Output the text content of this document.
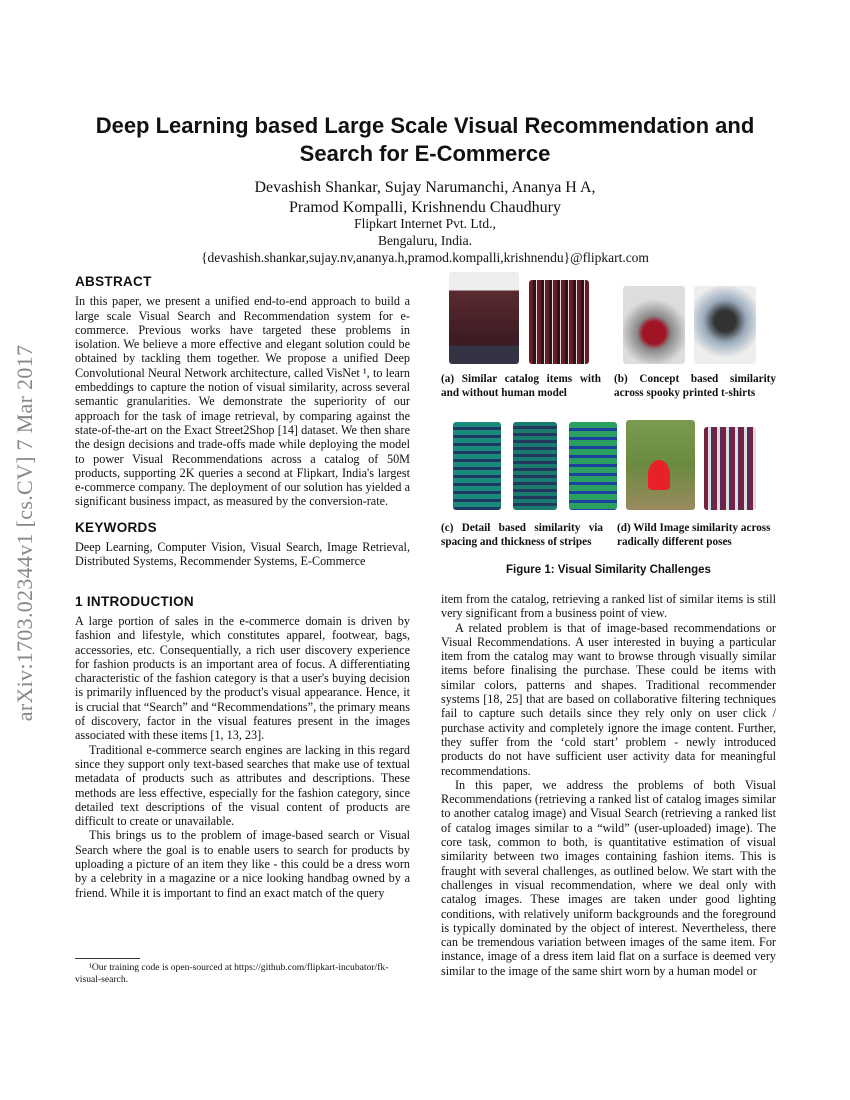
arXiv:1703.02344v1 [cs.CV] 7 Mar 2017
Deep Learning based Large Scale Visual Recommendation and Search for E-Commerce
Devashish Shankar, Sujay Narumanchi, Ananya H A,
Pramod Kompalli, Krishnendu Chaudhury
Flipkart Internet Pvt. Ltd.,
Bengaluru, India.
{devashish.shankar,sujay.nv,ananya.h,pramod.kompalli,krishnendu}@flipkart.com
ABSTRACT

In this paper, we present a unified end-to-end approach to build a large scale Visual Search and Recommendation system for e-commerce. Previous works have targeted these problems in isolation. We believe a more effective and elegant solution could be obtained by tackling them together. We propose a unified Deep Convolutional Neural Network architecture, called VisNet ¹, to learn embeddings to capture the notion of visual similarity, across several semantic granularities. We demonstrate the superiority of our approach for the task of image retrieval, by comparing against the state-of-the-art on the Exact Street2Shop [14] dataset. We then share the design decisions and trade-offs made while deploying the model to power Visual Recommendations across a catalog of 50M products, supporting 2K queries a second at Flipkart, India's largest e-commerce company. The deployment of our solution has yielded a significant business impact, as measured by the conversion-rate.

KEYWORDS

Deep Learning, Computer Vision, Visual Search, Image Retrieval, Distributed Systems, Recommender Systems, E-Commerce

1 INTRODUCTION

A large portion of sales in the e-commerce domain is driven by fashion and lifestyle, which constitutes apparel, footwear, bags, accessories, etc. Consequentially, a rich user discovery experience for fashion products is an important area of focus. A differentiating characteristic of the fashion category is that a user's buying decision is primarily influenced by the product's visual appearance. Hence, it is crucial that “Search” and “Recommendations”, the primary means of discovery, factor in the visual features present in the images associated with these items [1, 13, 23].

Traditional e-commerce search engines are lacking in this regard since they support only text-based searches that make use of textual metadata of products such as attributes and descriptions. These methods are less effective, especially for the fashion category, since detailed text descriptions of the visual content of products are difficult to create or unavailable.

This brings us to the problem of image-based search or Visual Search where the goal is to enable users to search for products by uploading a picture of an item they like - this could be a dress worn by a celebrity in a magazine or a nice looking handbag owned by a friend. While it is important to find an exact match of the query

(a) Similar catalog items with and without human model
(b) Concept based similarity across spooky printed t-shirts
(c) Detail based similarity via spacing and thickness of stripes
(d) Wild Image similarity across radically different poses
Figure 1: Visual Similarity Challenges

item from the catalog, retrieving a ranked list of similar items is still very significant from a business point of view.

A related problem is that of image-based recommendations or Visual Recommendations. A user interested in buying a particular item from the catalog may want to browse through visually similar items before finalising the purchase. These could be items with similar colors, patterns and shapes. Traditional recommender systems [18, 25] that are based on collaborative filtering techniques fail to capture such details since they rely only on user click / purchase activity and completely ignore the image content. Further, they suffer from the ‘cold start’ problem - newly introduced products do not have sufficient user activity data for meaningful recommendations.

In this paper, we address the problems of both Visual Recommendations (retrieving a ranked list of catalog images similar to another catalog image) and Visual Search (retrieving a ranked list of catalog images similar to a “wild” (user-uploaded) image). The core task, common to both, is quantitative estimation of visual similarity between two images containing fashion items. This is fraught with several challenges, as outlined below. We start with the challenges in visual recommendation, where we deal only with catalog images. These images are taken under good lighting conditions, with relatively uniform backgrounds and the foreground is typically dominated by the object of interest. Nevertheless, there can be tremendous variation between images of the same item. For instance, image of a dress item laid flat on a surface is deemed very similar to the image of the same shirt worn by a human model or

¹Our training code is open-sourced at https://github.com/flipkart-incubator/fk-visual-search.
